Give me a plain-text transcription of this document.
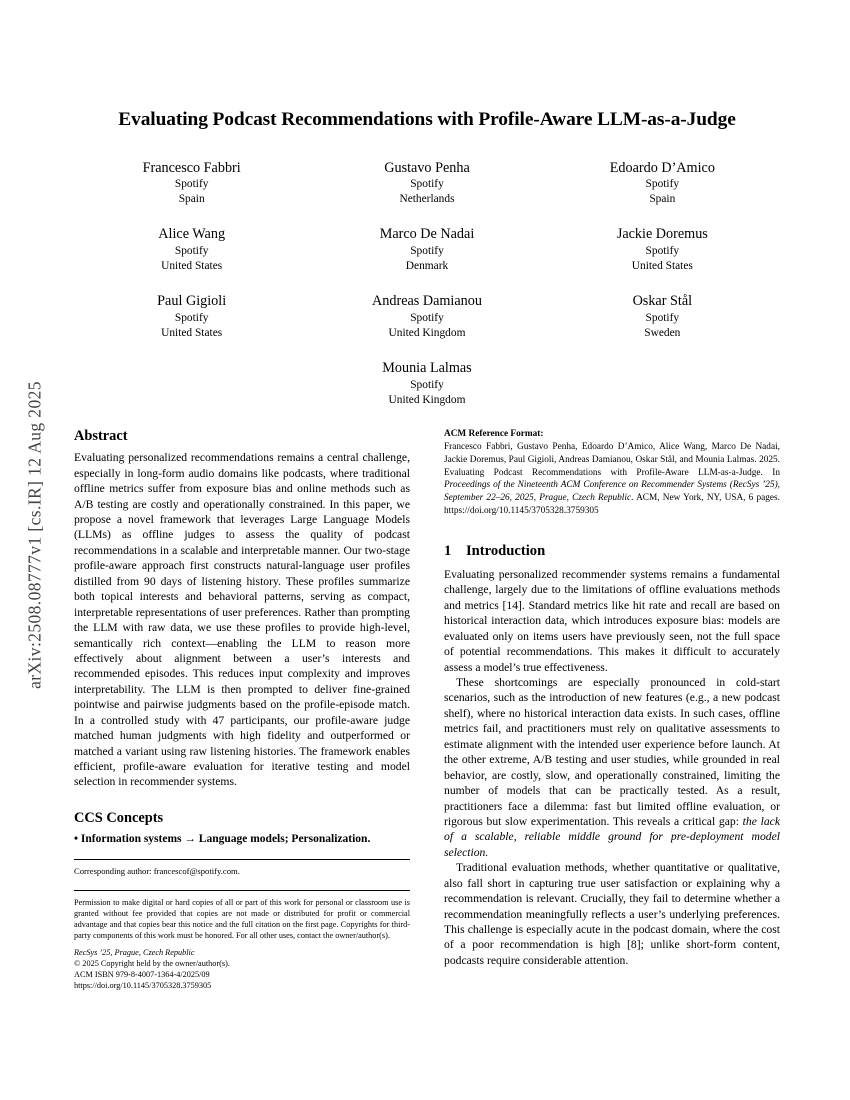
arXiv:2508.08777v1 [cs.IR] 12 Aug 2025
Evaluating Podcast Recommendations with Profile-Aware LLM-as-a-Judge
Francesco Fabbri
Spotify
Spain
Gustavo Penha
Spotify
Netherlands
Edoardo D’Amico
Spotify
Spain
Alice Wang
Spotify
United States
Marco De Nadai
Spotify
Denmark
Jackie Doremus
Spotify
United States
Paul Gigioli
Spotify
United States
Andreas Damianou
Spotify
United Kingdom
Oskar Stål
Spotify
Sweden
Mounia Lalmas
Spotify
United Kingdom
Abstract

Evaluating personalized recommendations remains a central challenge, especially in long-form audio domains like podcasts, where traditional offline metrics suffer from exposure bias and online methods such as A/B testing are costly and operationally constrained. In this paper, we propose a novel framework that leverages Large Language Models (LLMs) as offline judges to assess the quality of podcast recommendations in a scalable and interpretable manner. Our two-stage profile-aware approach first constructs natural-language user profiles distilled from 90 days of listening history. These profiles summarize both topical interests and behavioral patterns, serving as compact, interpretable representations of user preferences. Rather than prompting the LLM with raw data, we use these profiles to provide high-level, semantically rich context—enabling the LLM to reason more effectively about alignment between a user’s interests and recommended episodes. This reduces input complexity and improves interpretability. The LLM is then prompted to deliver fine-grained pointwise and pairwise judgments based on the profile-episode match. In a controlled study with 47 participants, our profile-aware judge matched human judgments with high fidelity and outperformed or matched a variant using raw listening histories. The framework enables efficient, profile-aware evaluation for iterative testing and model selection in recommender systems.

CCS Concepts

• Information systems → Language models; Personalization.

Corresponding author: francescof@spotify.com.

Permission to make digital or hard copies of all or part of this work for personal or classroom use is granted without fee provided that copies are not made or distributed for profit or commercial advantage and that copies bear this notice and the full citation on the first page. Copyrights for third-party components of this work must be honored. For all other uses, contact the owner/author(s).

RecSys ’25, Prague, Czech Republic

© 2025 Copyright held by the owner/author(s).

ACM ISBN 979-8-4007-1364-4/2025/09

https://doi.org/10.1145/3705328.3759305

ACM Reference Format:

Francesco Fabbri, Gustavo Penha, Edoardo D’Amico, Alice Wang, Marco De Nadai, Jackie Doremus, Paul Gigioli, Andreas Damianou, Oskar Stål, and Mounia Lalmas. 2025. Evaluating Podcast Recommendations with Profile-Aware LLM-as-a-Judge. In Proceedings of the Nineteenth ACM Conference on Recommender Systems (RecSys ’25), September 22–26, 2025, Prague, Czech Republic. ACM, New York, NY, USA, 6 pages. https://doi.org/10.1145/3705328.3759305

1 Introduction

Evaluating personalized recommender systems remains a fundamental challenge, largely due to the limitations of offline evaluations methods and metrics [14]. Standard metrics like hit rate and recall are based on historical interaction data, which introduces exposure bias: models are evaluated only on items users have previously seen, not the full space of potential recommendations. This makes it difficult to accurately assess a model’s true effectiveness.

These shortcomings are especially pronounced in cold-start scenarios, such as the introduction of new features (e.g., a new podcast shelf), where no historical interaction data exists. In such cases, offline metrics fail, and practitioners must rely on qualitative assessments to estimate alignment with the intended user experience before launch. At the other extreme, A/B testing and user studies, while grounded in real behavior, are costly, slow, and operationally constrained, limiting the number of models that can be practically tested. As a result, practitioners face a dilemma: fast but limited offline evaluation, or rigorous but slow experimentation. This reveals a critical gap: the lack of a scalable, reliable middle ground for pre-deployment model selection.

Traditional evaluation methods, whether quantitative or qualitative, also fall short in capturing true user satisfaction or explaining why a recommendation is relevant. Crucially, they fail to determine whether a recommendation meaningfully reflects a user’s underlying preferences. This challenge is especially acute in the podcast domain, where the cost of a poor recommendation is high [8]; unlike short-form content, podcasts require considerable attention.
